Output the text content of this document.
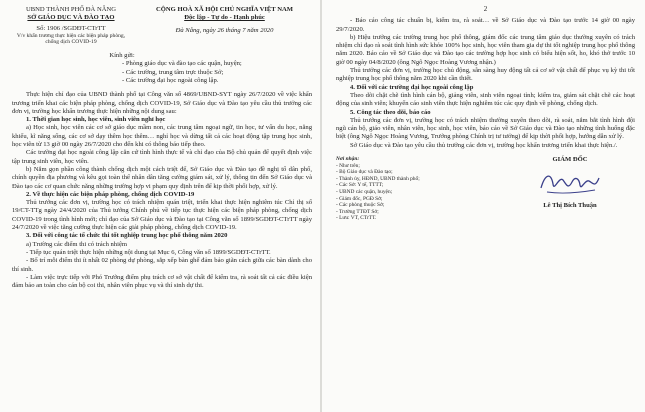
UBND THÀNH PHỐ ĐÀ NẴNG
SỞ GIÁO DỤC VÀ ĐÀO TẠO
Số: 1906 /SGDĐT-CTrTT
V/v khẩn trương thực hiện các biện pháp phòng, chống dịch COVID-19
CỘNG HOÀ XÃ HỘI CHỦ NGHĨA VIỆT NAM
Độc lập - Tự do - Hạnh phúc
Đà Nẵng, ngày 26 tháng 7 năm 2020
Kính gửi:
- Phòng giáo dục và đào tạo các quận, huyện;
- Các trường, trung tâm trực thuộc Sở;
- Các trường đại học ngoài công lập.

Thực hiện chỉ đạo của UBND thành phố tại Công văn số 4869/UBND-SYT ngày 26/7/2020 về việc khẩn trương triển khai các biện pháp phòng, chống dịch COVID-19, Sở Giáo dục và Đào tạo yêu cầu thủ trưởng các đơn vị, trường học khẩn trương thực hiện những nội dung sau:

1. Thời gian học sinh, học viên, sinh viên nghỉ học

a) Học sinh, học viên các cơ sở giáo dục mầm non, các trung tâm ngoại ngữ, tin học, tư vấn du học, năng khiếu, kĩ năng sống, các cơ sở dạy thêm học thêm… nghỉ học và dừng tất cả các hoạt động tập trung học sinh, học viên từ 13 giờ 00 ngày 26/7/2020 cho đến khi có thông báo tiếp theo.

Các trường đại học ngoài công lập căn cứ tình hình thực tế và chỉ đạo của Bộ chủ quản để quyết định việc tập trung sinh viên, học viên.

b) Nắm gọn phần công thành chống dịch một cách triệt để, Sở Giáo dục và Đào tạo đề nghị tổ dân phố, chính quyền địa phương và kêu gọi toàn thể nhân dân tăng cường giám sát, xử lý, thông tin đến Sở Giáo dục và Đào tạo các cơ quan chức năng những trường hợp vi phạm quy định trên để kịp thời phối hợp, xử lý.

2. Về thực hiện các biện pháp phòng, chống dịch COVID-19

Thủ trưởng các đơn vị, trường học có trách nhiệm quán triệt, triển khai thực hiện nghiêm túc Chỉ thị số 19/CT-TTg ngày 24/4/2020 của Thủ tướng Chính phủ về tiếp tục thực hiện các biện pháp phòng, chống dịch COVID-19 trong tình hình mới; chỉ đạo của Sở Giáo dục và Đào tạo tại Công văn số 1899/SGDĐT-CTrTT ngày 24/7/2020 về việc tăng cường thực hiện các giải pháp phòng, chống dịch COVID-19.

3. Đối với công tác tổ chức thi tốt nghiệp trung học phổ thông năm 2020

a) Trường các điểm thi có trách nhiệm

- Tiếp tục quán triệt thực hiện những nội dung tại Mục 6, Công văn số 1899/SGDĐT-CTrTT.

- Bố trí mỗi điểm thi ít nhất 02 phòng dự phòng, sắp xếp bàn ghế đảm bảo giãn cách giữa các bàn dành cho thí sinh.

- Làm việc trực tiếp với Phó Trưởng điểm phụ trách cơ sở vật chất để kiểm tra, rà soát tất cả các điều kiện đảm bảo an toàn cho cán bộ coi thi, nhân viên phục vụ và thí sinh dự thi.

2

- Báo cáo công tác chuẩn bị, kiểm tra, rà soát… về Sở Giáo dục và Đào tạo trước 14 giờ 00 ngày 29/7/2020.

b) Hiệu trưởng các trường trung học phổ thông, giám đốc các trung tâm giáo dục thường xuyên có trách nhiệm chỉ đạo rà soát tình hình sức khỏe 100% học sinh, học viên tham gia dự thi tốt nghiệp trung học phổ thông năm 2020. Báo cáo về Sở Giáo dục và Đào tạo các trường hợp học sinh có biểu hiện sốt, ho, khó thở trước 10 giờ 00 ngày 04/8/2020 (ông Ngô Ngọc Hoàng Vương nhận.)

Thủ trưởng các đơn vị, trường học chủ động, sẵn sàng huy động tất cả cơ sở vật chất để phục vụ kỳ thi tốt nghiệp trung học phổ thông năm 2020 khi cần thiết.

4. Đối với các trường đại học ngoài công lập

Theo dõi chặt chẽ tình hình cán bộ, giảng viên, sinh viên ngoại tỉnh; kiểm tra, giám sát chặt chẽ các hoạt động của sinh viên; khuyến cáo sinh viên thực hiện nghiêm túc các quy định về phòng, chống dịch.

5. Công tác theo dõi, báo cáo

Thủ trưởng các đơn vị, trường học có trách nhiệm thường xuyên theo dõi, rà soát, nắm bắt tình hình đội ngũ cán bộ, giáo viên, nhân viên, học sinh, học viên, báo cáo về Sở Giáo dục và Đào tạo những tình huống đặc biệt (ông Ngô Ngọc Hoàng Vương, Trưởng phòng Chính trị tư tưởng) để kịp thời phối hợp, hướng dẫn xử lý.

Sở Giáo dục và Đào tạo yêu cầu thủ trưởng các đơn vị, trường học khẩn trương triển khai thực hiện./.

Nơi nhận:
- Như trên;
- Bộ Giáo dục và Đào tạo;
- Thành ủy, HĐND, UBND thành phố;
- Các Sở: Y tế, TTTT;
- UBND các quận, huyện;
- Giám đốc, PGĐ Sở;
- Các phòng thuộc Sở;
- Trường TTĐT Sở;
- Lưu: VT, CTrTT.
GIÁM ĐỐC
Lê Thị Bích Thuận
